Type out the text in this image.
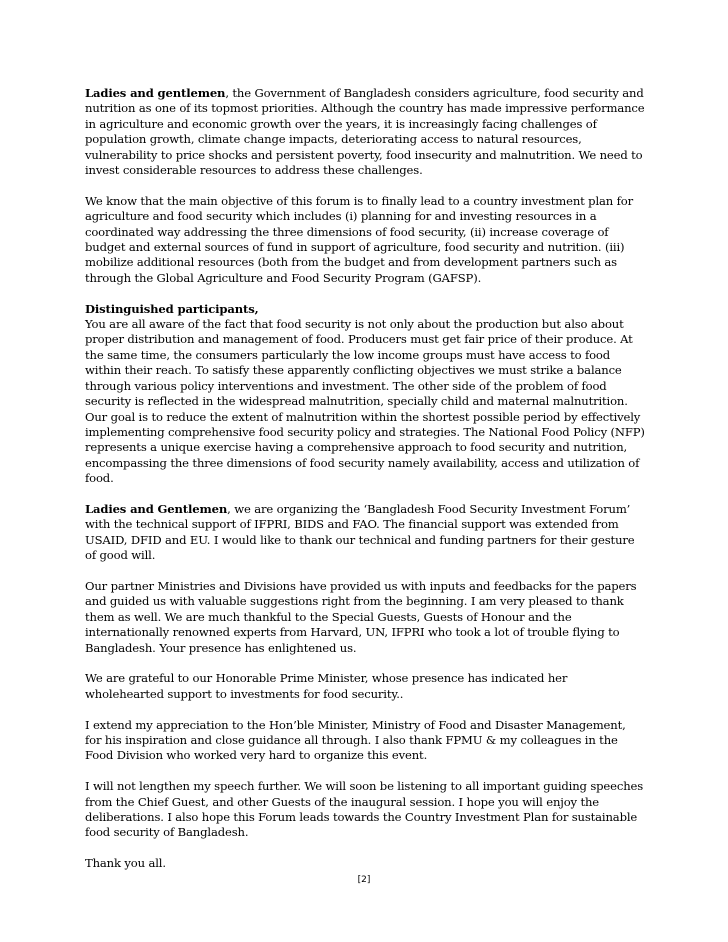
Ladies and gentlemen, the Government of Bangladesh considers agriculture, food security and nutrition as one of its topmost priorities. Although the country has made impressive performance in agriculture and economic growth over the years, it is increasingly facing challenges of population growth, climate change impacts, deteriorating access to natural resources, vulnerability to price shocks and persistent poverty, food insecurity and malnutrition. We need to invest considerable resources to address these challenges.

We know that the main objective of this forum is to finally lead to a country investment plan for agriculture and food security which includes (i) planning for and investing resources in a coordinated way addressing the three dimensions of food security, (ii) increase coverage of budget and external sources of fund in support of agriculture, food security and nutrition. (iii) mobilize additional resources (both from the budget and from development partners such as through the Global Agriculture and Food Security Program (GAFSP).

Distinguished participants,
You are all aware of the fact that food security is not only about the production but also about proper distribution and management of food. Producers must get fair price of their produce. At the same time, the consumers particularly the low income groups must have access to food within their reach. To satisfy these apparently conflicting objectives we must strike a balance through various policy interventions and investment. The other side of the problem of food security is reflected in the widespread malnutrition, specially child and maternal malnutrition. Our goal is to reduce the extent of malnutrition within the shortest possible period by effectively implementing comprehensive food security policy and strategies. The National Food Policy (NFP) represents a unique exercise having a comprehensive approach to food security and nutrition, encompassing the three dimensions of food security namely availability, access and utilization of food.

Ladies and Gentlemen, we are organizing the ‘Bangladesh Food Security Investment Forum’ with the technical support of IFPRI, BIDS and FAO. The financial support was extended from USAID, DFID and EU. I would like to thank our technical and funding partners for their gesture of good will.

Our partner Ministries and Divisions have provided us with inputs and feedbacks for the papers and guided us with valuable suggestions right from the beginning. I am very pleased to thank them as well. We are much thankful to the Special Guests, Guests of Honour and the internationally renowned experts from Harvard, UN, IFPRI who took a lot of trouble flying to Bangladesh. Your presence has enlightened us.

We are grateful to our Honorable Prime Minister, whose presence has indicated her wholehearted support to investments for food security..

I extend my appreciation to the Hon’ble Minister, Ministry of Food and Disaster Management, for his inspiration and close guidance all through. I also thank FPMU & my colleagues in the Food Division who worked very hard to organize this event.

I will not lengthen my speech further. We will soon be listening to all important guiding speeches from the Chief Guest, and other Guests of the inaugural session. I hope you will enjoy the deliberations. I also hope this Forum leads towards the Country Investment Plan for sustainable food security of Bangladesh.

Thank you all.

[2]
